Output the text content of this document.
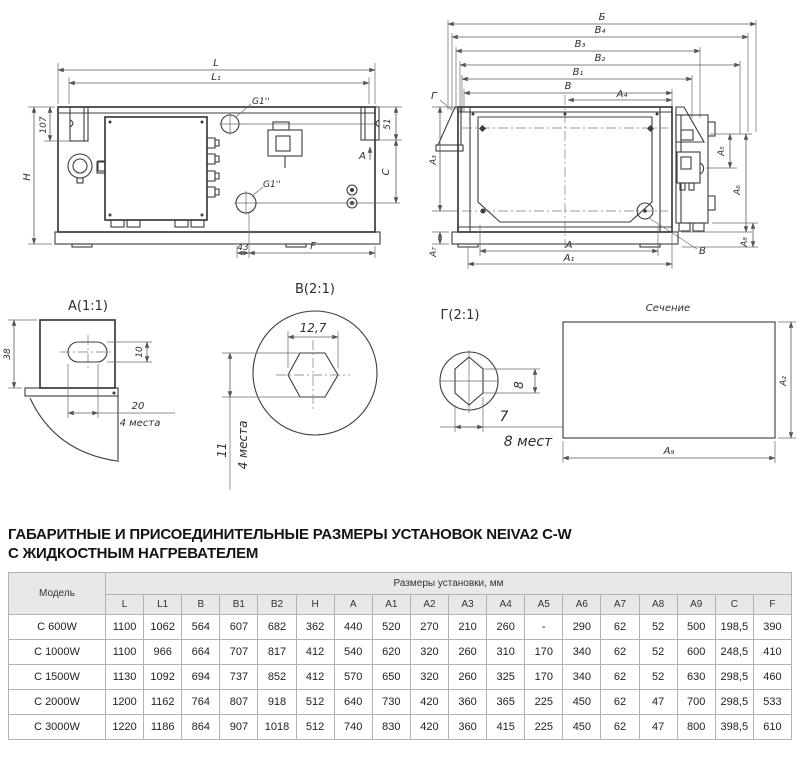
G1''
G1''
A
L
L₁
H
107	51
C
43	F
Б
B₄
B₃
B₂
B₁
B
B
Г	A₄
A₃
A₇
A
A₁
A₅
A₆
A₈
А(1:1)
38	10
20
4 места
В(2:1)
12,7
11 4 места
Г(2:1)
8
7
8 мест
Сечение
A₂
A₉
ГАБАРИТНЫЕ И ПРИСОЕДИНИТЕЛЬНЫЕ РАЗМЕРЫ УСТАНОВОК NEIVA2 C-W
С ЖИДКОСТНЫМ НАГРЕВАТЕЛЕМ
Модель	Размеры установки, мм																	
	L	L1	B	B1	B2	H	A	A1	A2	A3	A4	A5	A6	A7	A8	A9	C	F
С 600W	1100	1062	564	607	682	362	440	520	270	210	260	-	290	62	52	500	198,5	390
С 1000W	1100	966	664	707	817	412	540	620	320	260	310	170	340	62	52	600	248,5	410
С 1500W	1130	1092	694	737	852	412	570	650	320	260	325	170	340	62	52	630	298,5	460
С 2000W	1200	1162	764	807	918	512	640	730	420	360	365	225	450	62	47	700	298,5	533
С 3000W	1220	1186	864	907	1018	512	740	830	420	360	415	225	450	62	47	800	398,5	610
